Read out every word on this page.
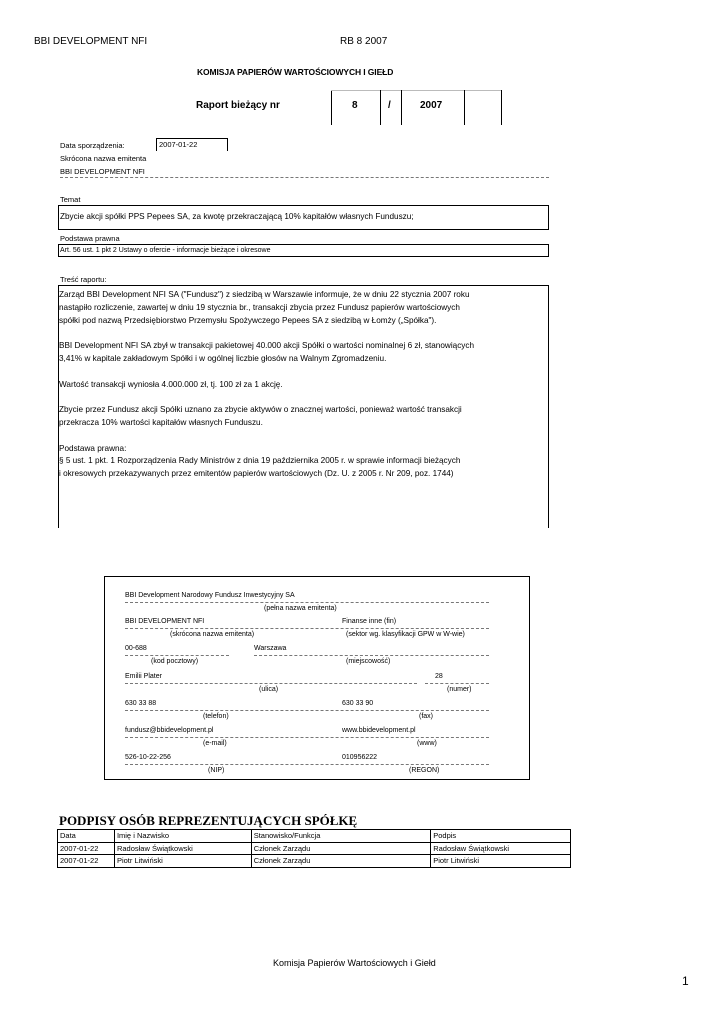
BBI DEVELOPMENT NFI	RB 8 2007
KOMISJA PAPIERÓW WARTOŚCIOWYCH I GIEŁD
Raport bieżący nr	8	/	2007
Data sporządzenia:	2007-01-22
Skrócona nazwa emitenta
BBI DEVELOPMENT NFI
Temat
Zbycie akcji spółki PPS Pepees SA, za kwotę przekraczającą 10% kapitałów własnych Funduszu;
Podstawa prawna
Art. 56 ust. 1 pkt 2 Ustawy o ofercie - informacje bieżące i okresowe
Treść raportu:

Zarząd BBI Development NFI SA ("Fundusz") z siedzibą w Warszawie informuje, że w dniu 22 stycznia 2007 roku
nastąpiło rozliczenie, zawartej w dniu 19 stycznia br., transakcji zbycia przez Fundusz papierów wartościowych
spółki pod nazwą Przedsiębiorstwo Przemysłu Spożywczego Pepees SA z siedzibą w Łomży („Spółka").

BBI Development NFI SA zbył w transakcji pakietowej 40.000 akcji Spółki o wartości nominalnej 6 zł, stanowiących
3,41% w kapitale zakładowym Spółki i w ogólnej liczbie głosów na Walnym Zgromadzeniu.

Wartość transakcji wyniosła 4.000.000 zł, tj. 100 zł za 1 akcję.

Zbycie przez Fundusz akcji Spółki uznano za zbycie aktywów o znacznej wartości, ponieważ wartość transakcji
przekracza 10% wartości kapitałów własnych Funduszu.

Podstawa prawna:
§ 5 ust. 1 pkt. 1 Rozporządzenia Rady Ministrów z dnia 19 października 2005 r. w sprawie informacji bieżących
i okresowych przekazywanych przez emitentów papierów wartościowych (Dz. U. z 2005 r. Nr 209, poz. 1744)

BBI Development Narodowy Fundusz Inwestycyjny SA
(pełna nazwa emitenta)
BBI DEVELOPMENT NFI	Finanse inne (fin)
(skrócona nazwa emitenta)	(sektor wg. klasyfikacji GPW w W-wie)
00-688	Warszawa
(kod pocztowy)	(miejscowość)
Emilii Plater	28
(ulica)	(numer)
630 33 88	630 33 90
(telefon)	(fax)
fundusz@bbidevelopment.pl	www.bbidevelopment.pl
(e-mail)	(www)
526-10-22-256	010956222
(NIP)	(REGON)
PODPISY OSÓB REPREZENTUJĄCYCH SPÓŁKĘ
Data	Imię i Nazwisko	Stanowisko/Funkcja	Podpis
2007-01-22	Radosław Świątkowski	Członek Zarządu	Radosław Świątkowski
2007-01-22	Piotr Litwiński	Członek Zarządu	Piotr Litwiński
Komisja Papierów Wartościowych i Giełd
1
